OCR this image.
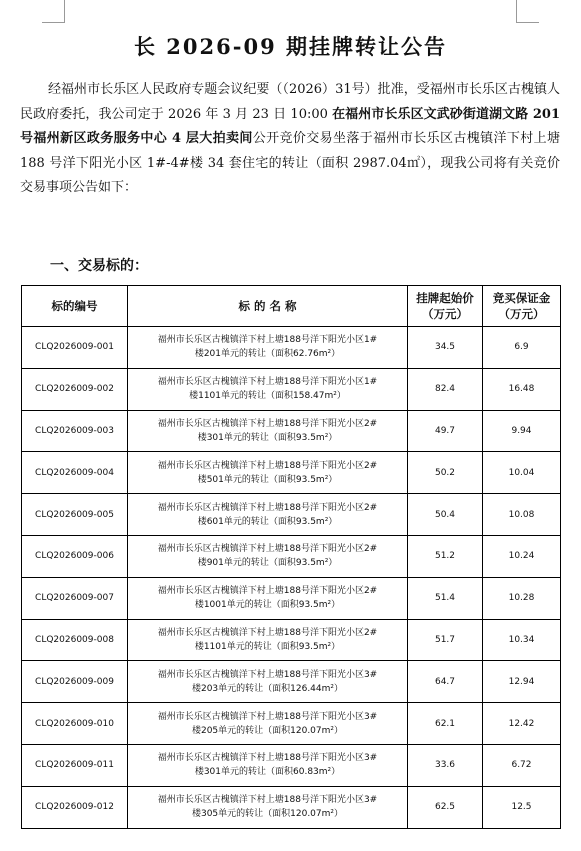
长 2026-09 期挂牌转让公告
经福州市长乐区人民政府专题会议纪要（（2026）31号）批准，受福州市长乐区古槐镇人民政府委托，我公司定于 2026 年 3 月 23 日 10:00 在福州市长乐区文武砂街道湖文路 201 号福州新区政务服务中心 4 层大拍卖间公开竞价交易坐落于福州市长乐区古槐镇洋下村上塘 188 号洋下阳光小区 1#-4#楼 34 套住宅的转让（面积 2987.04㎡），现我公司将有关竞价交易事项公告如下：
一、交易标的：
标的编号	标 的 名 称	挂牌起始价
（万元）	竞买保证金
（万元）
CLQ2026009-001	福州市长乐区古槐镇洋下村上塘188号洋下阳光小区1#
楼201单元的转让（面积62.76m²）	34.5	6.9
CLQ2026009-002	福州市长乐区古槐镇洋下村上塘188号洋下阳光小区1#
楼1101单元的转让（面积158.47m²）	82.4	16.48
CLQ2026009-003	福州市长乐区古槐镇洋下村上塘188号洋下阳光小区2#
楼301单元的转让（面积93.5m²）	49.7	9.94
CLQ2026009-004	福州市长乐区古槐镇洋下村上塘188号洋下阳光小区2#
楼501单元的转让（面积93.5m²）	50.2	10.04
CLQ2026009-005	福州市长乐区古槐镇洋下村上塘188号洋下阳光小区2#
楼601单元的转让（面积93.5m²）	50.4	10.08
CLQ2026009-006	福州市长乐区古槐镇洋下村上塘188号洋下阳光小区2#
楼901单元的转让（面积93.5m²）	51.2	10.24
CLQ2026009-007	福州市长乐区古槐镇洋下村上塘188号洋下阳光小区2#
楼1001单元的转让（面积93.5m²）	51.4	10.28
CLQ2026009-008	福州市长乐区古槐镇洋下村上塘188号洋下阳光小区2#
楼1101单元的转让（面积93.5m²）	51.7	10.34
CLQ2026009-009	福州市长乐区古槐镇洋下村上塘188号洋下阳光小区3#
楼203单元的转让（面积126.44m²）	64.7	12.94
CLQ2026009-010	福州市长乐区古槐镇洋下村上塘188号洋下阳光小区3#
楼205单元的转让（面积120.07m²）	62.1	12.42
CLQ2026009-011	福州市长乐区古槐镇洋下村上塘188号洋下阳光小区3#
楼301单元的转让（面积60.83m²）	33.6	6.72
CLQ2026009-012	福州市长乐区古槐镇洋下村上塘188号洋下阳光小区3#
楼305单元的转让（面积120.07m²）	62.5	12.5
